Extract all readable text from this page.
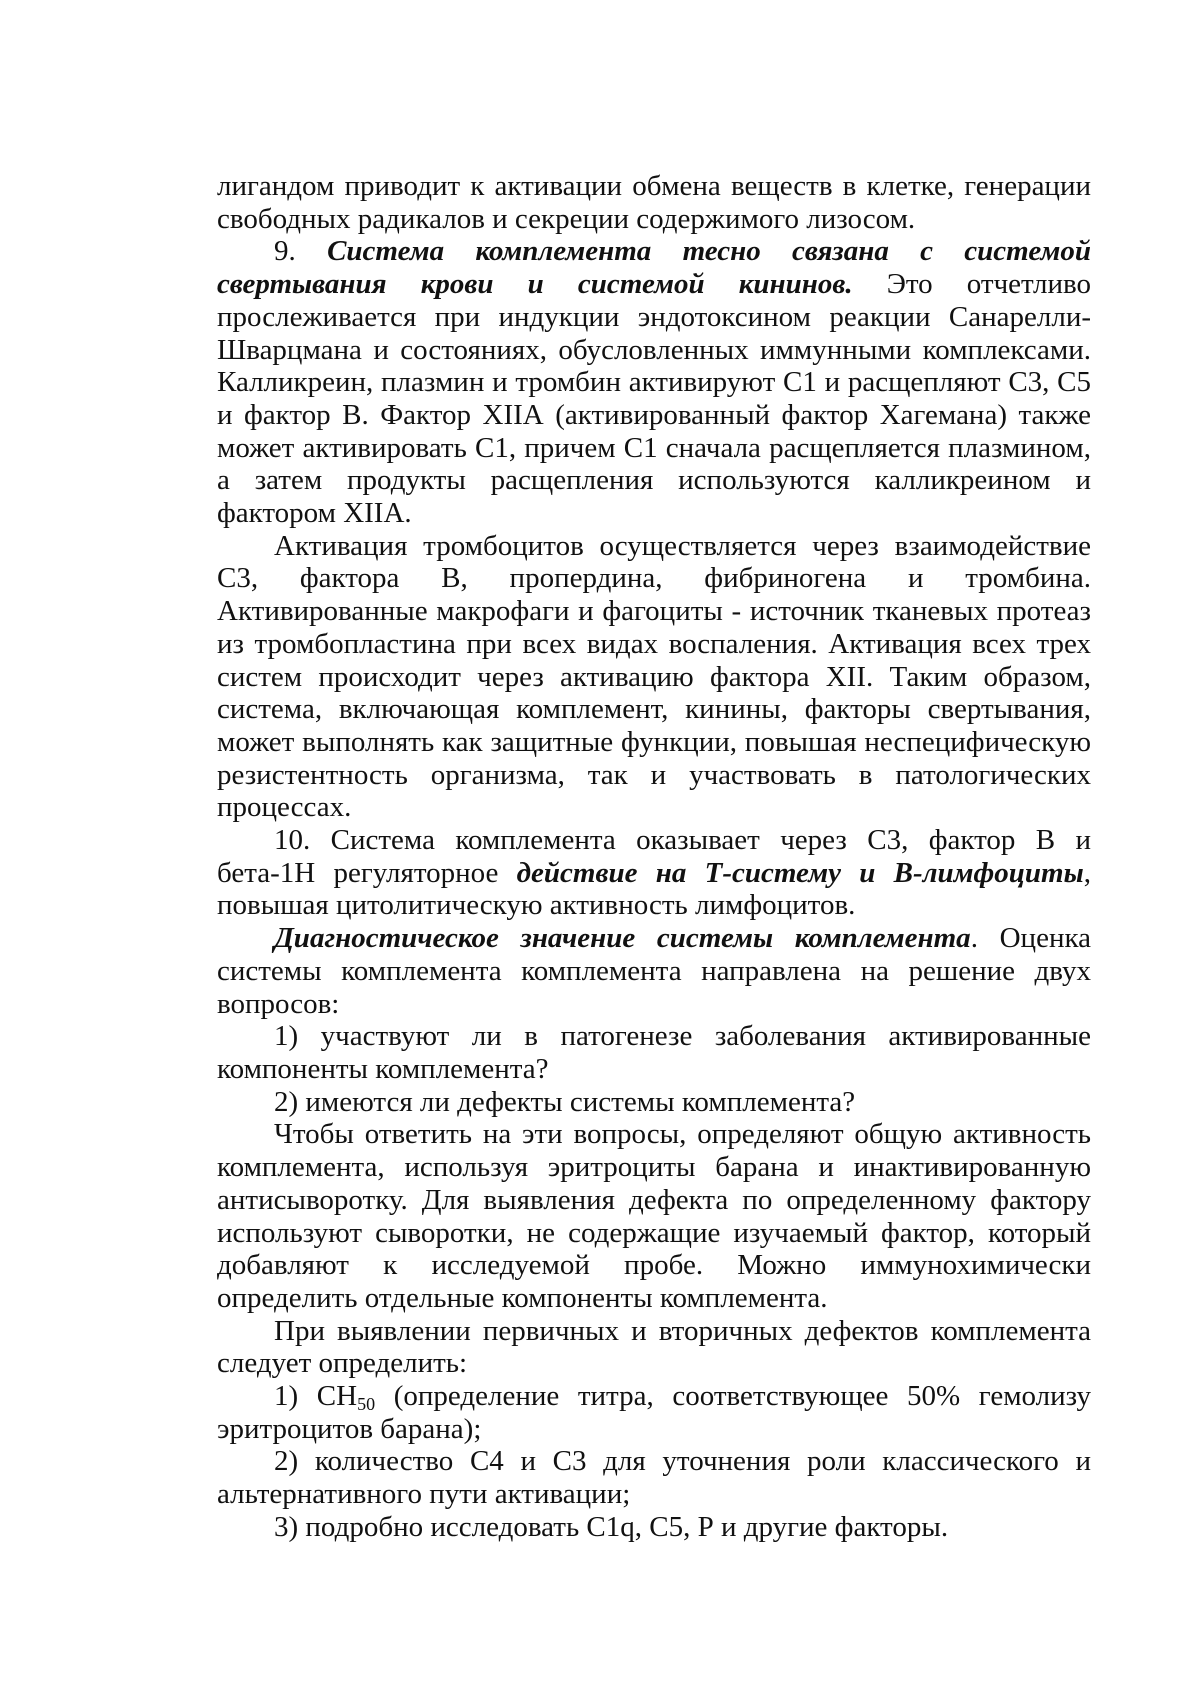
лигандом приводит к активации обмена веществ в клетке, генерации свободных радикалов и секреции содержимого лизосом.

9. Система комплемента тесно связана с системой свертывания крови и системой кининов. Это отчетливо прослеживается при индукции эндотоксином реакции Санарелли-Шварцмана и состояниях, обусловленных иммунными комплексами. Калликреин, плазмин и тромбин активируют С1 и расщепляют С3, С5 и фактор В. Фактор XIIА (активированный фактор Хагемана) также может активировать С1, причем С1 сначала расщепляется плазмином, а затем продукты расщепления используются калликреином и фактором XIIА.

Активация тромбоцитов осуществляется через взаимодействие С3, фактора В, пропердина, фибриногена и тромбина. Активированные макрофаги и фагоциты - источник тканевых протеаз из тромбопластина при всех видах воспаления. Активация всех трех систем происходит через активацию фактора XII. Таким образом, система, включающая комплемент, кинины, факторы свертывания, может выполнять как защитные функции, повышая неспецифическую резистентность организма, так и участвовать в патологических процессах.

10. Система комплемента оказывает через С3, фактор В и бета-1Н регуляторное действие на Т-систему и В-лимфоциты, повышая цитолитическую активность лимфоцитов.

Диагностическое значение системы комплемента. Оценка системы комплемента комплемента направлена на решение двух вопросов:

1) участвуют ли в патогенезе заболевания активированные компоненты комплемента?

2) имеются ли дефекты системы комплемента?

Чтобы ответить на эти вопросы, определяют общую активность комплемента, используя эритроциты барана и инактивированную антисыворотку. Для выявления дефекта по определенному фактору используют сыворотки, не содержащие изучаемый фактор, который добавляют к исследуемой пробе. Можно иммунохимически определить отдельные компоненты комплемента.

При выявлении первичных и вторичных дефектов комплемента следует определить:

1) $СН_{50}$ (определение титра, соответствующее 50% гемолизу эритроцитов барана);

2) количество С4 и С3 для уточнения роли классического и альтернативного пути активации;

3) подробно исследовать С1q, С5, Р и другие факторы.
